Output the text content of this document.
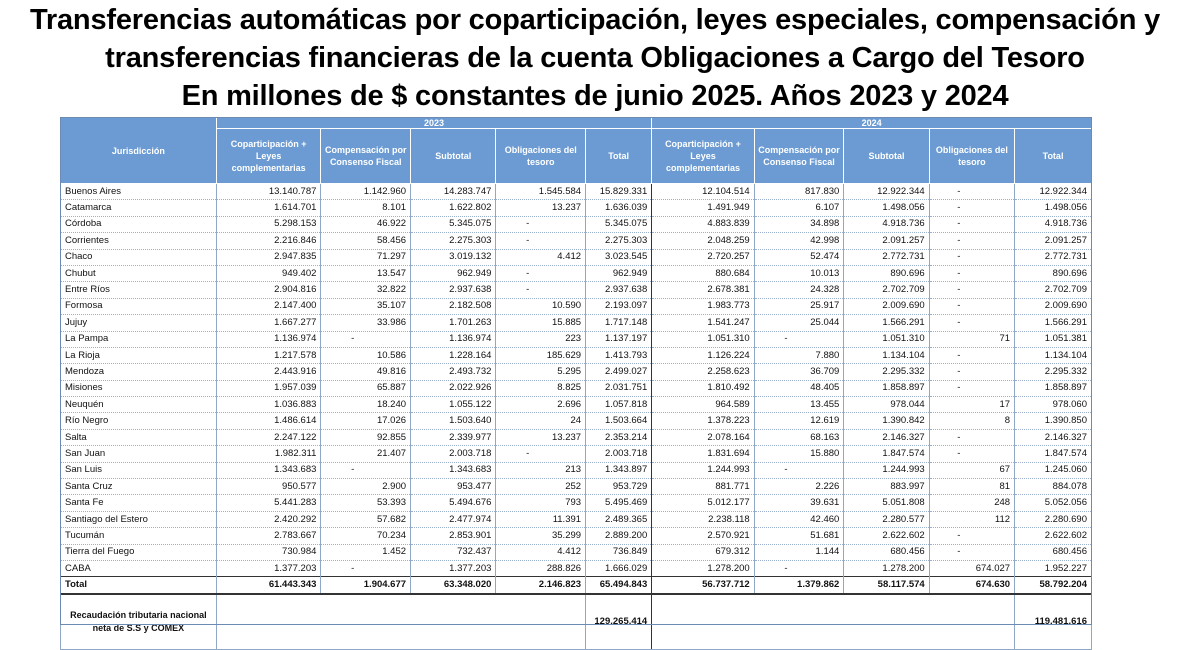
Transferencias automáticas por coparticipación, leyes especiales, compensación y
transferencias financieras de la cuenta Obligaciones a Cargo del Tesoro
En millones de $ constantes de junio 2025. Años 2023 y 2024
Jurisdicción	2023					2024				
	Coparticipación + Leyes complementarias	Compensación por Consenso Fiscal	Subtotal	Obligaciones del tesoro	Total	Coparticipación + Leyes complementarias	Compensación por Consenso Fiscal	Subtotal	Obligaciones del tesoro	Total
Buenos Aires	13.140.787	1.142.960	14.283.747	1.545.584	15.829.331	12.104.514	817.830	12.922.344	-	12.922.344
Catamarca	1.614.701	8.101	1.622.802	13.237	1.636.039	1.491.949	6.107	1.498.056	-	1.498.056
Córdoba	5.298.153	46.922	5.345.075	-	5.345.075	4.883.839	34.898	4.918.736	-	4.918.736
Corrientes	2.216.846	58.456	2.275.303	-	2.275.303	2.048.259	42.998	2.091.257	-	2.091.257
Chaco	2.947.835	71.297	3.019.132	4.412	3.023.545	2.720.257	52.474	2.772.731	-	2.772.731
Chubut	949.402	13.547	962.949	-	962.949	880.684	10.013	890.696	-	890.696
Entre Ríos	2.904.816	32.822	2.937.638	-	2.937.638	2.678.381	24.328	2.702.709	-	2.702.709
Formosa	2.147.400	35.107	2.182.508	10.590	2.193.097	1.983.773	25.917	2.009.690	-	2.009.690
Jujuy	1.667.277	33.986	1.701.263	15.885	1.717.148	1.541.247	25.044	1.566.291	-	1.566.291
La Pampa	1.136.974	-	1.136.974	223	1.137.197	1.051.310	-	1.051.310	71	1.051.381
La Rioja	1.217.578	10.586	1.228.164	185.629	1.413.793	1.126.224	7.880	1.134.104	-	1.134.104
Mendoza	2.443.916	49.816	2.493.732	5.295	2.499.027	2.258.623	36.709	2.295.332	-	2.295.332
Misiones	1.957.039	65.887	2.022.926	8.825	2.031.751	1.810.492	48.405	1.858.897	-	1.858.897
Neuquén	1.036.883	18.240	1.055.122	2.696	1.057.818	964.589	13.455	978.044	17	978.060
Río Negro	1.486.614	17.026	1.503.640	24	1.503.664	1.378.223	12.619	1.390.842	8	1.390.850
Salta	2.247.122	92.855	2.339.977	13.237	2.353.214	2.078.164	68.163	2.146.327	-	2.146.327
San Juan	1.982.311	21.407	2.003.718	-	2.003.718	1.831.694	15.880	1.847.574	-	1.847.574
San Luis	1.343.683	-	1.343.683	213	1.343.897	1.244.993	-	1.244.993	67	1.245.060
Santa Cruz	950.577	2.900	953.477	252	953.729	881.771	2.226	883.997	81	884.078
Santa Fe	5.441.283	53.393	5.494.676	793	5.495.469	5.012.177	39.631	5.051.808	248	5.052.056
Santiago del Estero	2.420.292	57.682	2.477.974	11.391	2.489.365	2.238.118	42.460	2.280.577	112	2.280.690
Tucumán	2.783.667	70.234	2.853.901	35.299	2.889.200	2.570.921	51.681	2.622.602	-	2.622.602
Tierra del Fuego	730.984	1.452	732.437	4.412	736.849	679.312	1.144	680.456	-	680.456
CABA	1.377.203	-	1.377.203	288.826	1.666.029	1.278.200	-	1.278.200	674.027	1.952.227
Total	61.443.343	1.904.677	63.348.020	2.146.823	65.494.843	56.737.712	1.379.862	58.117.574	674.630	58.792.204
Recaudación tributaria nacional neta de S.S y COMEX					129.265.414					119.481.616
